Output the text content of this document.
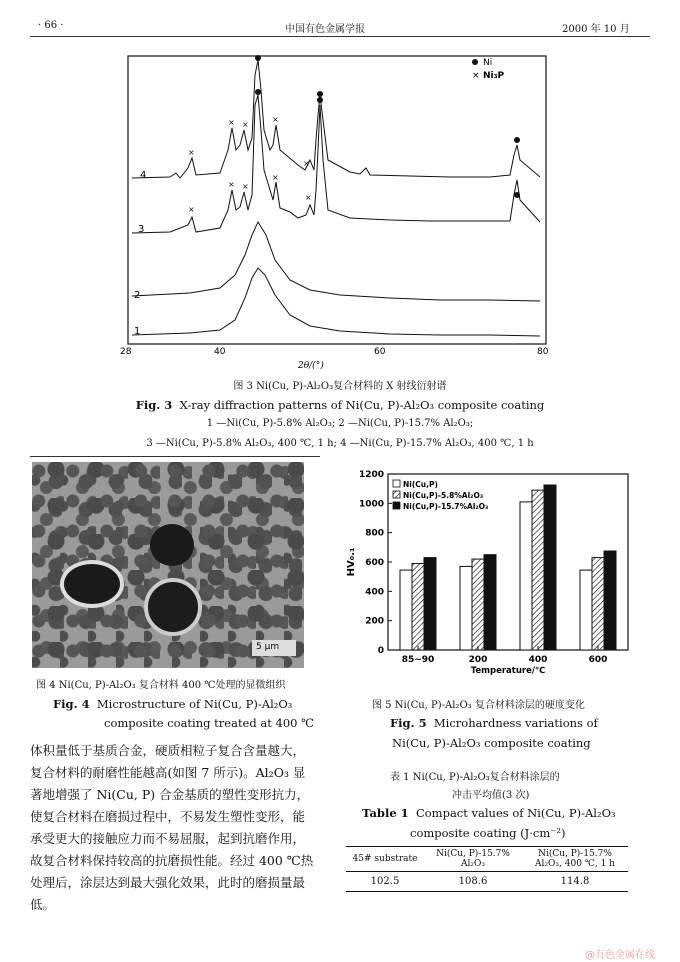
· 66 ·	中国有色金属学报	2000 年 10 月
×
× ×
×
×
×
× ×
×
×
Ni
× Ni₃P
4
3
2
1
28	40	60	80
2θ/(°)
图 3 Ni(Cu, P)-Al₂O₃复合材料的 X 射线衍射谱
Fig. 3 X-ray diffraction patterns of Ni(Cu, P)-Al₂O₃ composite coating
1 —Ni(Cu, P)-5.8% Al₂O₃; 2 —Ni(Cu, P)-15.7% Al₂O₃;
3 —Ni(Cu, P)-5.8% Al₂O₃, 400 ℃, 1 h; 4 —Ni(Cu, P)-15.7% Al₂O₃, 400 ℃, 1 h
5 μm
图 4 Ni(Cu, P)-Al₂O₃ 复合材料 400 ℃处理的显微组织
Fig. 4 Microstructure of Ni(Cu, P)-Al₂O₃
composite coating treated at 400 ℃
体积量低于基质合金，硬质相粒子复合含量越大，
复合材料的耐磨性能越高(如图 7 所示)。Al₂O₃ 显
著地增强了 Ni(Cu, P) 合金基质的塑性变形抗力，
使复合材料在磨损过程中，不易发生塑性变形，能
承受更大的接触应力而不易屈服，起到抗磨作用，
故复合材料保持较高的抗磨损性能。经过 400 ℃热
处理后，涂层达到最大强化效果，此时的磨损量最
低。
0
200
400
600
800
1000
1200
85~90	200	400	600
Temperature/℃
HV₀.₁
Ni(Cu,P)
Ni(Cu,P)-5.8%Al₂O₃
Ni(Cu,P)-15.7%Al₂O₃
图 5 Ni(Cu, P)-Al₂O₃ 复合材料涂层的硬度变化
Fig. 5 Microhardness variations of
Ni(Cu, P)-Al₂O₃ composite coating
表 1 Ni(Cu, P)-Al₂O₃复合材料涂层的
冲击平均值(3 次)
Table 1 Compact values of Ni(Cu, P)-Al₂O₃
composite coating (J·cm⁻²)
45# substrate	Ni(Cu, P)-15.7% Al₂O₃	Ni(Cu, P)-15.7% Al₂O₃, 400 ℃, 1 h
102.5	108.6	114.8
@有色金属在线
